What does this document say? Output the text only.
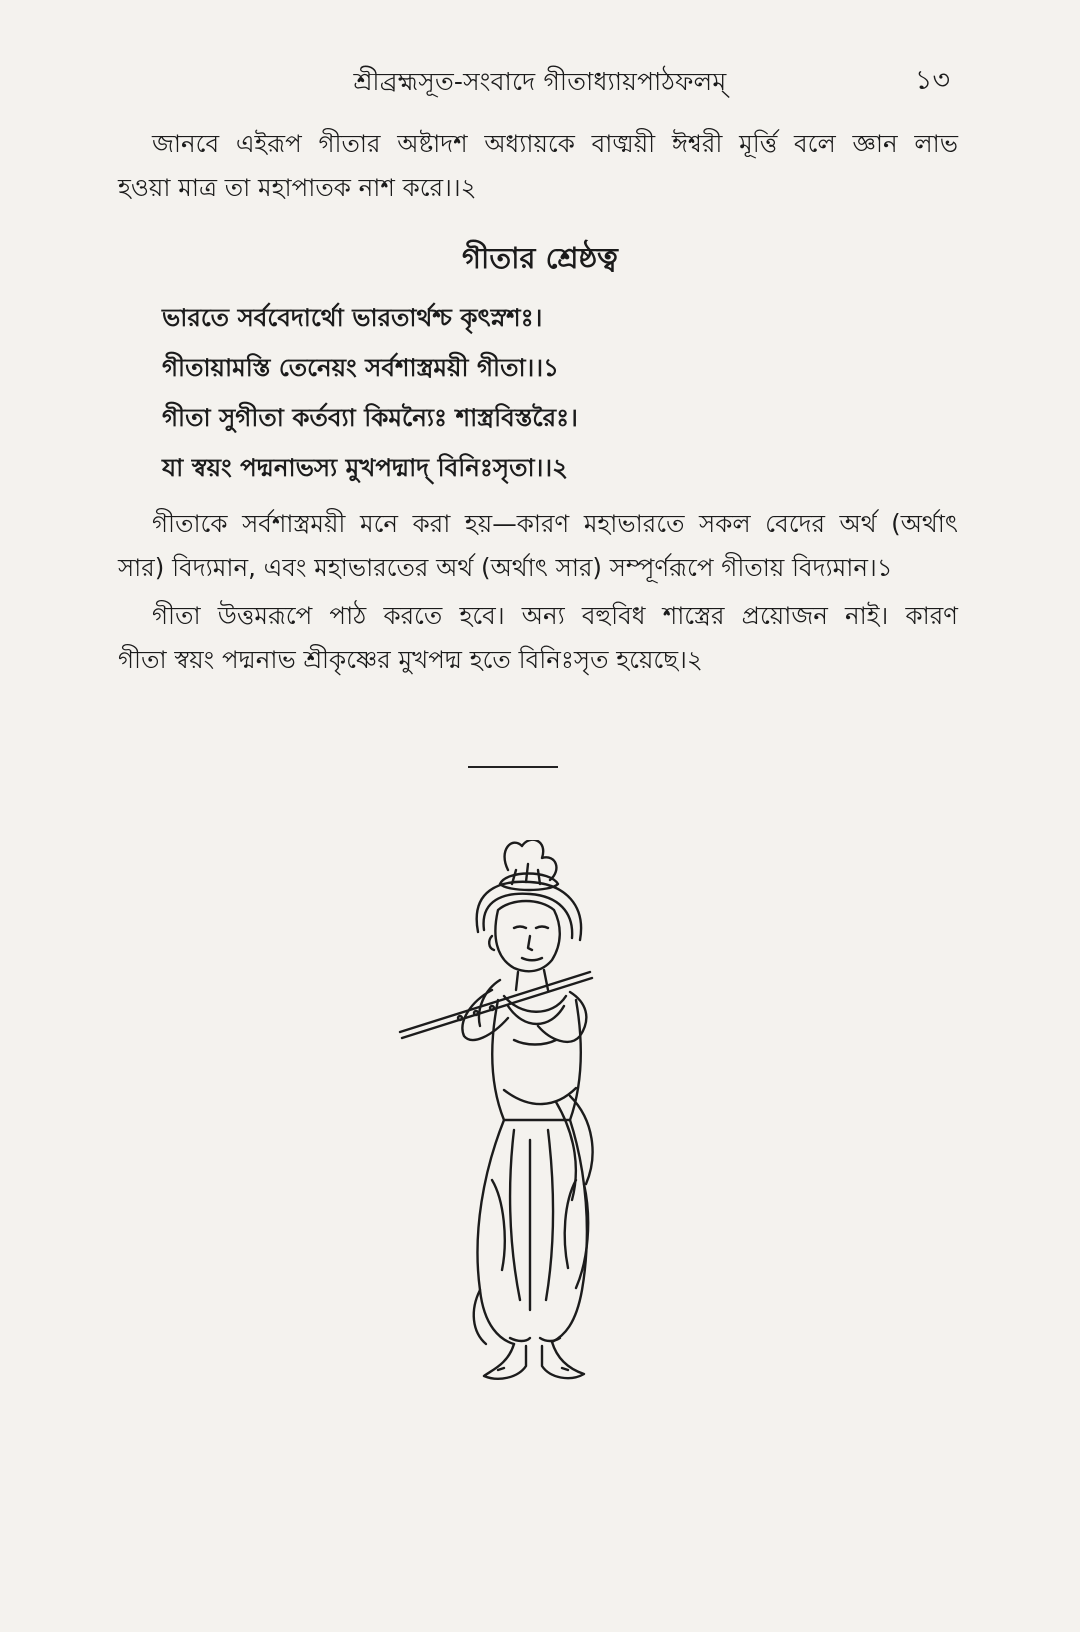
শ্রীব্রহ্মসূত-সংবাদে গীতাধ্যায়পাঠফলম্	১৩
জানবে এইরূপ গীতার অষ্টাদশ অধ্যায়কে বাঙ্ময়ী ঈশ্বরী মূর্ত্তি বলে জ্ঞান লাভ
হওয়া মাত্র তা মহাপাতক নাশ করে।।২
গীতার শ্রেষ্ঠত্ব
ভারতে সর্ববেদার্থো ভারতার্থশ্চ কৃৎস্নশঃ।
গীতায়ামস্তি তেনেয়ং সর্বশাস্ত্রময়ী গীতা।।১
গীতা সুগীতা কর্তব্যা কিমন্যৈঃ শাস্ত্রবিস্তরৈঃ।
যা স্বয়ং পদ্মনাভস্য মুখপদ্মাদ্ বিনিঃসৃতা।।২
গীতাকে সর্বশাস্ত্রময়ী মনে করা হয়—কারণ মহাভারতে সকল বেদের অর্থ (অর্থাৎ
সার) বিদ্যমান, এবং মহাভারতের অর্থ (অর্থাৎ সার) সম্পূর্ণরূপে গীতায় বিদ্যমান।১
গীতা উত্তমরূপে পাঠ করতে হবে। অন্য বহুবিধ শাস্ত্রের প্রয়োজন নাই। কারণ
গীতা স্বয়ং পদ্মনাভ শ্রীকৃষ্ণের মুখপদ্ম হতে বিনিঃসৃত হয়েছে।২
